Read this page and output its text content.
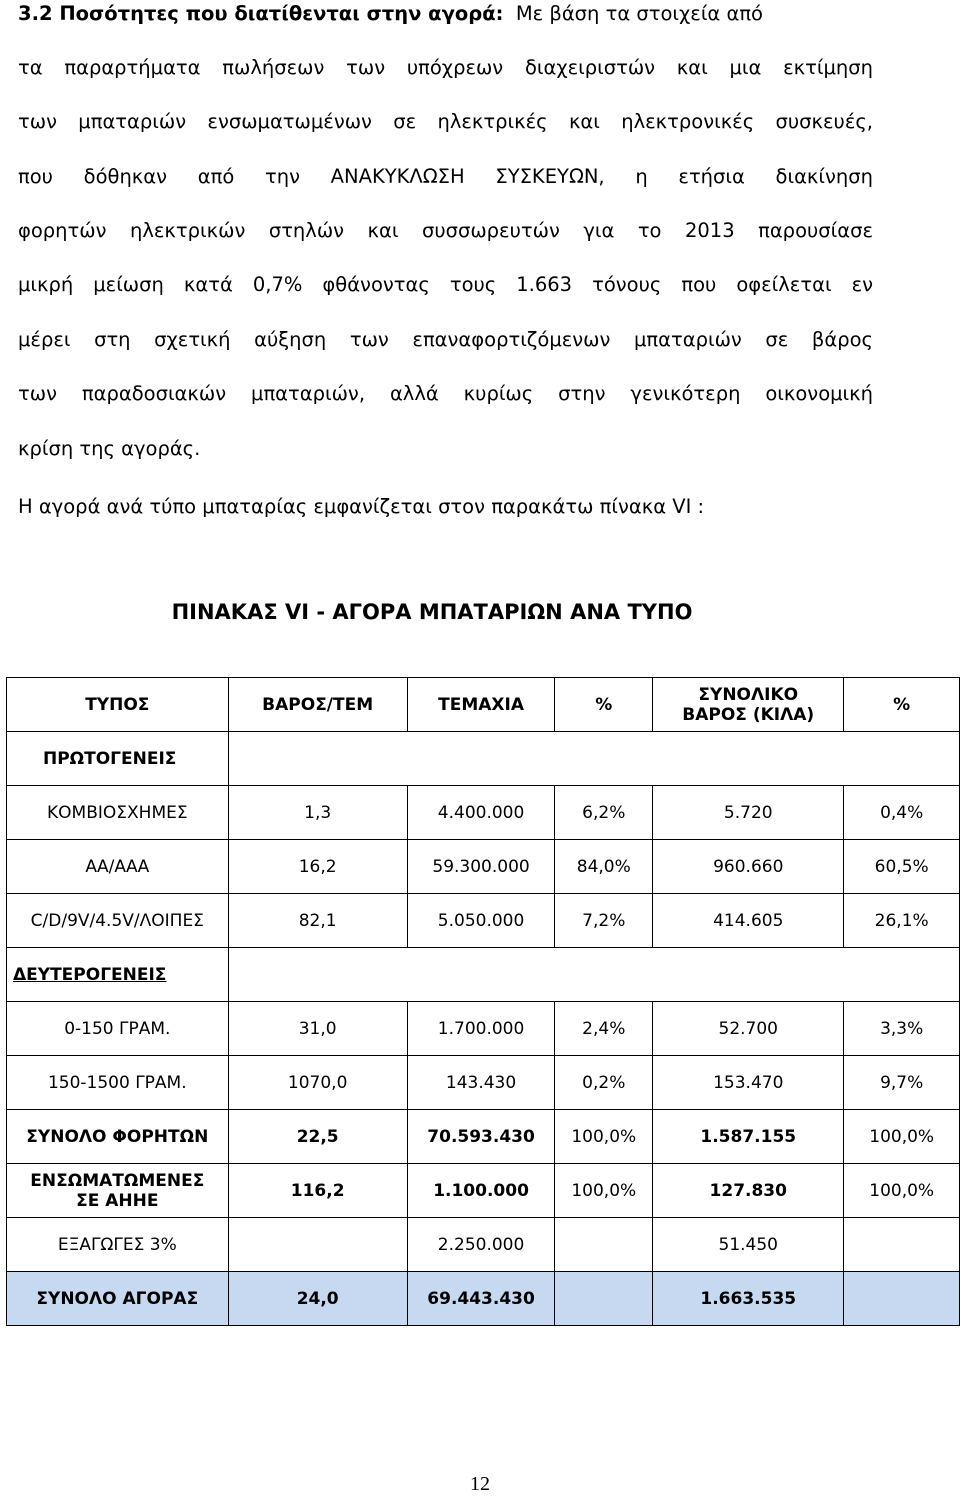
3.2 Ποσότητες που διατίθενται στην αγορά: Με βάση τα στοιχεία από
τα παραρτήματα πωλήσεων των υπόχρεων διαχειριστών και μια εκτίμηση
των μπαταριών ενσωματωμένων σε ηλεκτρικές και ηλεκτρονικές συσκευές,
που δόθηκαν από την ΑΝΑΚΥΚΛΩΣΗ ΣΥΣΚΕΥΩΝ, η ετήσια διακίνηση
φορητών ηλεκτρικών στηλών και συσσωρευτών για το 2013 παρουσίασε
μικρή μείωση κατά 0,7% φθάνοντας τους 1.663 τόνους που οφείλεται εν
μέρει στη σχετική αύξηση των επαναφορτιζόμενων μπαταριών σε βάρος
των παραδοσιακών μπαταριών, αλλά κυρίως στην γενικότερη οικονομική
κρίση της αγοράς.
Η αγορά ανά τύπο μπαταρίας εμφανίζεται στον παρακάτω πίνακα VI :
ΠΙΝΑΚΑΣ VI - ΑΓΟΡΑ ΜΠΑΤΑΡΙΩΝ ΑΝΑ ΤΥΠΟ
ΤΥΠΟΣ	ΒΑΡΟΣ/ΤΕΜ	ΤΕΜΑΧΙΑ	%	ΣΥΝΟΛΙΚΟ
ΒΑΡΟΣ (ΚΙΛΑ)	%
ΠΡΩΤΟΓΕΝΕΙΣ					
ΚΟΜΒΙΟΣΧΗΜΕΣ	1,3	4.400.000	6,2%	5.720	0,4%
ΑΑ/ΑΑΑ	16,2	59.300.000	84,0%	960.660	60,5%
C/D/9V/4.5V/ΛΟΙΠΕΣ	82,1	5.050.000	7,2%	414.605	26,1%
ΔΕΥΤΕΡΟΓΕΝΕΙΣ					
0-150 ΓΡΑΜ.	31,0	1.700.000	2,4%	52.700	3,3%
150-1500 ΓΡΑΜ.	1070,0	143.430	0,2%	153.470	9,7%
ΣΥΝΟΛΟ ΦΟΡΗΤΩΝ	22,5	70.593.430	100,0%	1.587.155	100,0%
ΕΝΣΩΜΑΤΩΜΕΝΕΣ
ΣΕ ΑΗΗΕ	116,2	1.100.000	100,0%	127.830	100,0%
ΕΞΑΓΩΓΕΣ 3%		2.250.000		51.450	
ΣΥΝΟΛΟ ΑΓΟΡΑΣ	24,0	69.443.430		1.663.535	
12
